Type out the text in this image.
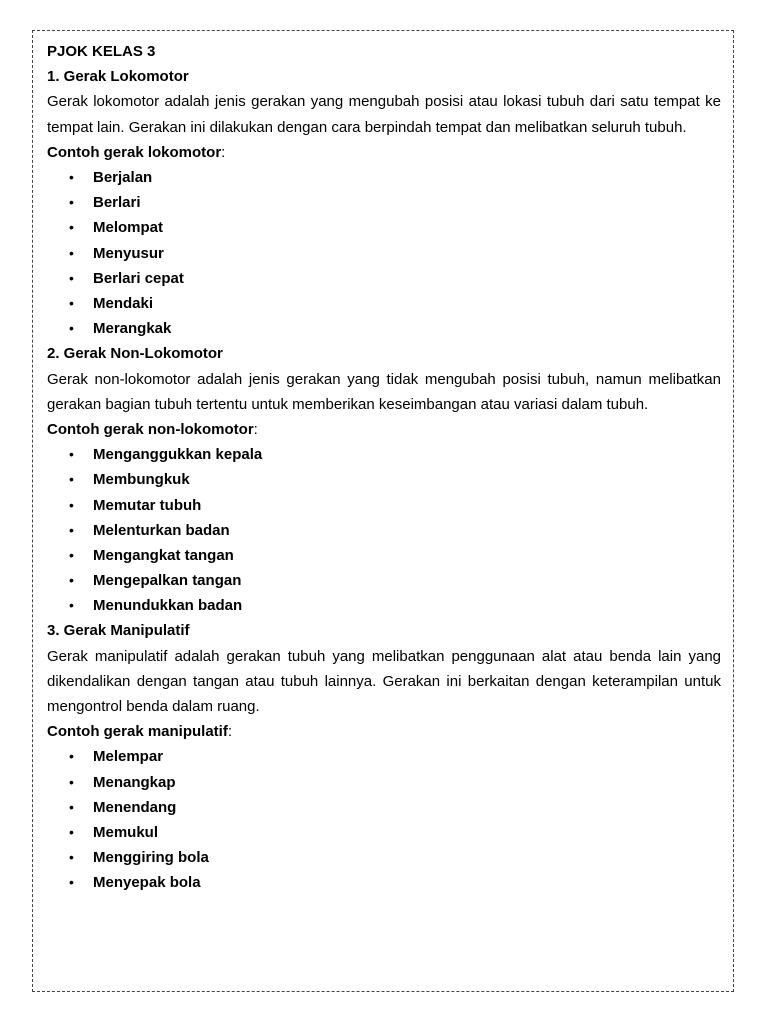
PJOK KELAS 3

1. Gerak Lokomotor

Gerak lokomotor adalah jenis gerakan yang mengubah posisi atau lokasi tubuh dari satu tempat ke tempat lain. Gerakan ini dilakukan dengan cara berpindah tempat dan melibatkan seluruh tubuh.

Contoh gerak lokomotor:

• Berjalan
• Berlari
• Melompat
• Menyusur
• Berlari cepat
• Mendaki
• Merangkak

2. Gerak Non-Lokomotor

Gerak non-lokomotor adalah jenis gerakan yang tidak mengubah posisi tubuh, namun melibatkan gerakan bagian tubuh tertentu untuk memberikan keseimbangan atau variasi dalam tubuh.

Contoh gerak non-lokomotor:

• Menganggukkan kepala
• Membungkuk
• Memutar tubuh
• Melenturkan badan
• Mengangkat tangan
• Mengepalkan tangan
• Menundukkan badan

3. Gerak Manipulatif

Gerak manipulatif adalah gerakan tubuh yang melibatkan penggunaan alat atau benda lain yang dikendalikan dengan tangan atau tubuh lainnya. Gerakan ini berkaitan dengan keterampilan untuk mengontrol benda dalam ruang.

Contoh gerak manipulatif:

• Melempar
• Menangkap
• Menendang
• Memukul
• Menggiring bola
• Menyepak bola
